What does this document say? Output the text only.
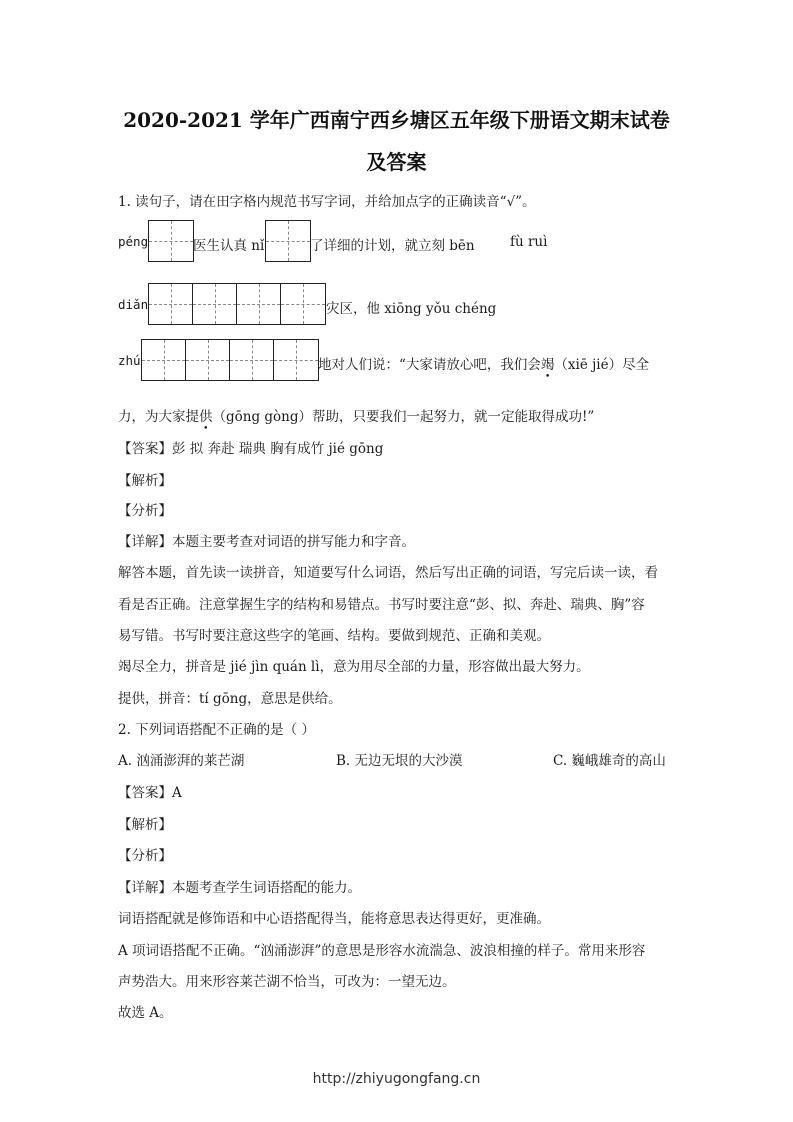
2020-2021 学年广西南宁西乡塘区五年级下册语文期末试卷
及答案
1. 读句子，请在田字格内规范书写字词，并给加点字的正确读音“√”。
péng	医生认真 nǐ	了详细的计划，就立刻 bēn	fù ruì
diǎn	灾区，他 xiōng yǒu chéng
zhú	地对人们说：“大家请放心吧，我们会竭（xiē jié）尽全
力，为大家提供（gōng gòng）帮助，只要我们一起努力，就一定能取得成功!”
【答案】彭 拟 奔赴 瑞典 胸有成竹 jié gōng
【解析】
【分析】
【详解】本题主要考查对词语的拼写能力和字音。
解答本题，首先读一读拼音，知道要写什么词语，然后写出正确的词语，写完后读一读，看
看是否正确。注意掌握生字的结构和易错点。书写时要注意“彭、拟、奔赴、瑞典、胸”容
易写错。书写时要注意这些字的笔画、结构。要做到规范、正确和美观。
竭尽全力，拼音是 jié jìn quán lì，意为用尽全部的力量，形容做出最大努力。
提供，拼音：tí gōng，意思是供给。
2. 下列词语搭配不正确的是（ ）
A. 汹涌澎湃的莱芒湖	B. 无边无垠的大沙漠	C. 巍峨雄奇的高山
【答案】A
【解析】
【分析】
【详解】本题考查学生词语搭配的能力。
词语搭配就是修饰语和中心语搭配得当，能将意思表达得更好，更准确。
A 项词语搭配不正确。“汹涌澎湃”的意思是形容水流湍急、波浪相撞的样子。常用来形容
声势浩大。用来形容莱芒湖不恰当，可改为：一望无边。
故选 A。
http://zhiyugongfang.cn
